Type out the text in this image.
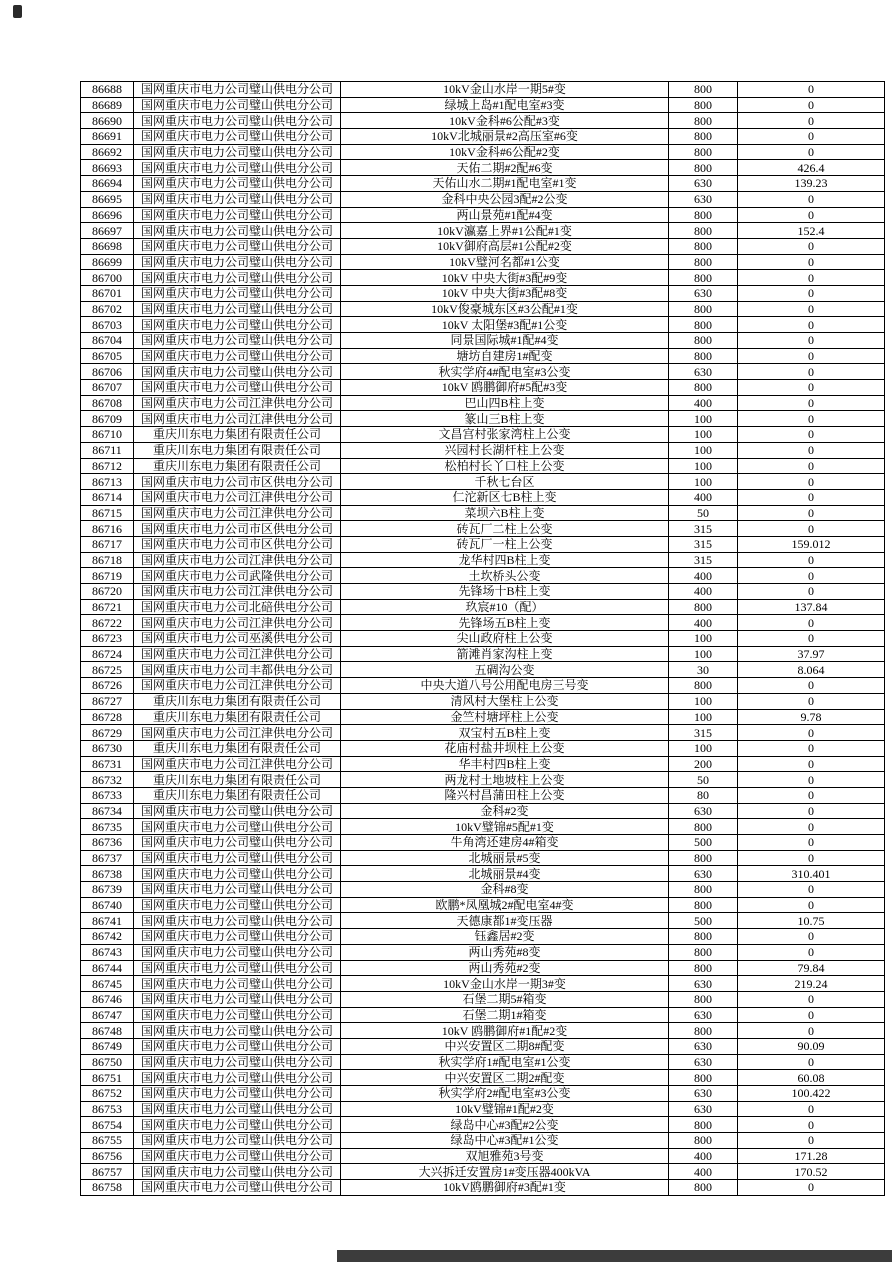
86688	国网重庆市电力公司璧山供电分公司	10kV金山水岸一期5#变	800	0
86689	国网重庆市电力公司璧山供电分公司	绿城上岛#1配电室#3变	800	0
86690	国网重庆市电力公司璧山供电分公司	10kV金科#6公配#3变	800	0
86691	国网重庆市电力公司璧山供电分公司	10kV北城丽景#2高压室#6变	800	0
86692	国网重庆市电力公司璧山供电分公司	10kV金科#6公配#2变	800	0
86693	国网重庆市电力公司璧山供电分公司	天佑二期#2配#6变	800	426.4
86694	国网重庆市电力公司璧山供电分公司	天佑山水二期#1配电室#1变	630	139.23
86695	国网重庆市电力公司璧山供电分公司	金科中央公园3配#2公变	630	0
86696	国网重庆市电力公司璧山供电分公司	两山景苑#1配#4变	800	0
86697	国网重庆市电力公司璧山供电分公司	10kV瀛嘉上界#1公配#1变	800	152.4
86698	国网重庆市电力公司璧山供电分公司	10kV御府高层#1公配#2变	800	0
86699	国网重庆市电力公司璧山供电分公司	10kV璧河名都#1公变	800	0
86700	国网重庆市电力公司璧山供电分公司	10kV 中央大街#3配#9变	800	0
86701	国网重庆市电力公司璧山供电分公司	10kV 中央大街#3配#8变	630	0
86702	国网重庆市电力公司璧山供电分公司	10kV俊豪城东区#3公配#1变	800	0
86703	国网重庆市电力公司璧山供电分公司	10kV 太阳堡#3配#1公变	800	0
86704	国网重庆市电力公司璧山供电分公司	同景国际城#1配#4变	800	0
86705	国网重庆市电力公司璧山供电分公司	塘坊自建房1#配变	800	0
86706	国网重庆市电力公司璧山供电分公司	秋实学府4#配电室#3公变	630	0
86707	国网重庆市电力公司璧山供电分公司	10kV 鸥鹏御府#5配#3变	800	0
86708	国网重庆市电力公司江津供电分公司	巴山四B柱上变	400	0
86709	国网重庆市电力公司江津供电分公司	篆山三B柱上变	100	0
86710	重庆川东电力集团有限责任公司	文昌宫村张家湾柱上公变	100	0
86711	重庆川东电力集团有限责任公司	兴园村长湖杆柱上公变	100	0
86712	重庆川东电力集团有限责任公司	松柏村长丫口柱上公变	100	0
86713	国网重庆市电力公司市区供电分公司	千秋七台区	100	0
86714	国网重庆市电力公司江津供电分公司	仁沱新区七B柱上变	400	0
86715	国网重庆市电力公司江津供电分公司	菜坝六B柱上变	50	0
86716	国网重庆市电力公司市区供电分公司	砖瓦厂二柱上公变	315	0
86717	国网重庆市电力公司市区供电分公司	砖瓦厂一柱上公变	315	159.012
86718	国网重庆市电力公司江津供电分公司	龙华村四B柱上变	315	0
86719	国网重庆市电力公司武隆供电分公司	土坎桥头公变	400	0
86720	国网重庆市电力公司江津供电分公司	先锋场十B柱上变	400	0
86721	国网重庆市电力公司北碚供电分公司	玖宸#10（配）	800	137.84
86722	国网重庆市电力公司江津供电分公司	先锋场五B柱上变	400	0
86723	国网重庆市电力公司巫溪供电分公司	尖山政府柱上公变	100	0
86724	国网重庆市电力公司江津供电分公司	箭滩肖家沟柱上变	100	37.97
86725	国网重庆市电力公司丰都供电分公司	五碉沟公变	30	8.064
86726	国网重庆市电力公司江津供电分公司	中央大道八号公用配电房三号变	800	0
86727	重庆川东电力集团有限责任公司	清风村大堡柱上公变	100	0
86728	重庆川东电力集团有限责任公司	金竺村塘坪柱上公变	100	9.78
86729	国网重庆市电力公司江津供电分公司	双宝村五B柱上变	315	0
86730	重庆川东电力集团有限责任公司	花庙村盐井坝柱上公变	100	0
86731	国网重庆市电力公司江津供电分公司	华丰村四B柱上变	200	0
86732	重庆川东电力集团有限责任公司	两龙村土地坡柱上公变	50	0
86733	重庆川东电力集团有限责任公司	隆兴村昌蒲田柱上公变	80	0
86734	国网重庆市电力公司璧山供电分公司	金科#2变	630	0
86735	国网重庆市电力公司璧山供电分公司	10kV璧锦#5配#1变	800	0
86736	国网重庆市电力公司璧山供电分公司	牛角湾还建房4#箱变	500	0
86737	国网重庆市电力公司璧山供电分公司	北城丽景#5变	800	0
86738	国网重庆市电力公司璧山供电分公司	北城丽景#4变	630	310.401
86739	国网重庆市电力公司璧山供电分公司	金科#8变	800	0
86740	国网重庆市电力公司璧山供电分公司	欧鹏*凤凰城2#配电室4#变	800	0
86741	国网重庆市电力公司璧山供电分公司	天德康都1#变压器	500	10.75
86742	国网重庆市电力公司璧山供电分公司	钰鑫居#2变	800	0
86743	国网重庆市电力公司璧山供电分公司	两山秀苑#8变	800	0
86744	国网重庆市电力公司璧山供电分公司	两山秀苑#2变	800	79.84
86745	国网重庆市电力公司璧山供电分公司	10kV金山水岸一期3#变	630	219.24
86746	国网重庆市电力公司璧山供电分公司	石堡二期5#箱变	800	0
86747	国网重庆市电力公司璧山供电分公司	石堡二期1#箱变	630	0
86748	国网重庆市电力公司璧山供电分公司	10kV 鸥鹏御府#1配#2变	800	0
86749	国网重庆市电力公司璧山供电分公司	中兴安置区二期8#配变	630	90.09
86750	国网重庆市电力公司璧山供电分公司	秋实学府1#配电室#1公变	630	0
86751	国网重庆市电力公司璧山供电分公司	中兴安置区二期2#配变	800	60.08
86752	国网重庆市电力公司璧山供电分公司	秋实学府2#配电室#3公变	630	100.422
86753	国网重庆市电力公司璧山供电分公司	10kV璧锦#1配#2变	630	0
86754	国网重庆市电力公司璧山供电分公司	绿岛中心#3配#2公变	800	0
86755	国网重庆市电力公司璧山供电分公司	绿岛中心#3配#1公变	800	0
86756	国网重庆市电力公司璧山供电分公司	双旭雅苑3号变	400	171.28
86757	国网重庆市电力公司璧山供电分公司	大兴拆迁安置房1#变压器400kVA	400	170.52
86758	国网重庆市电力公司璧山供电分公司	10kV鸥鹏御府#3配#1变	800	0
